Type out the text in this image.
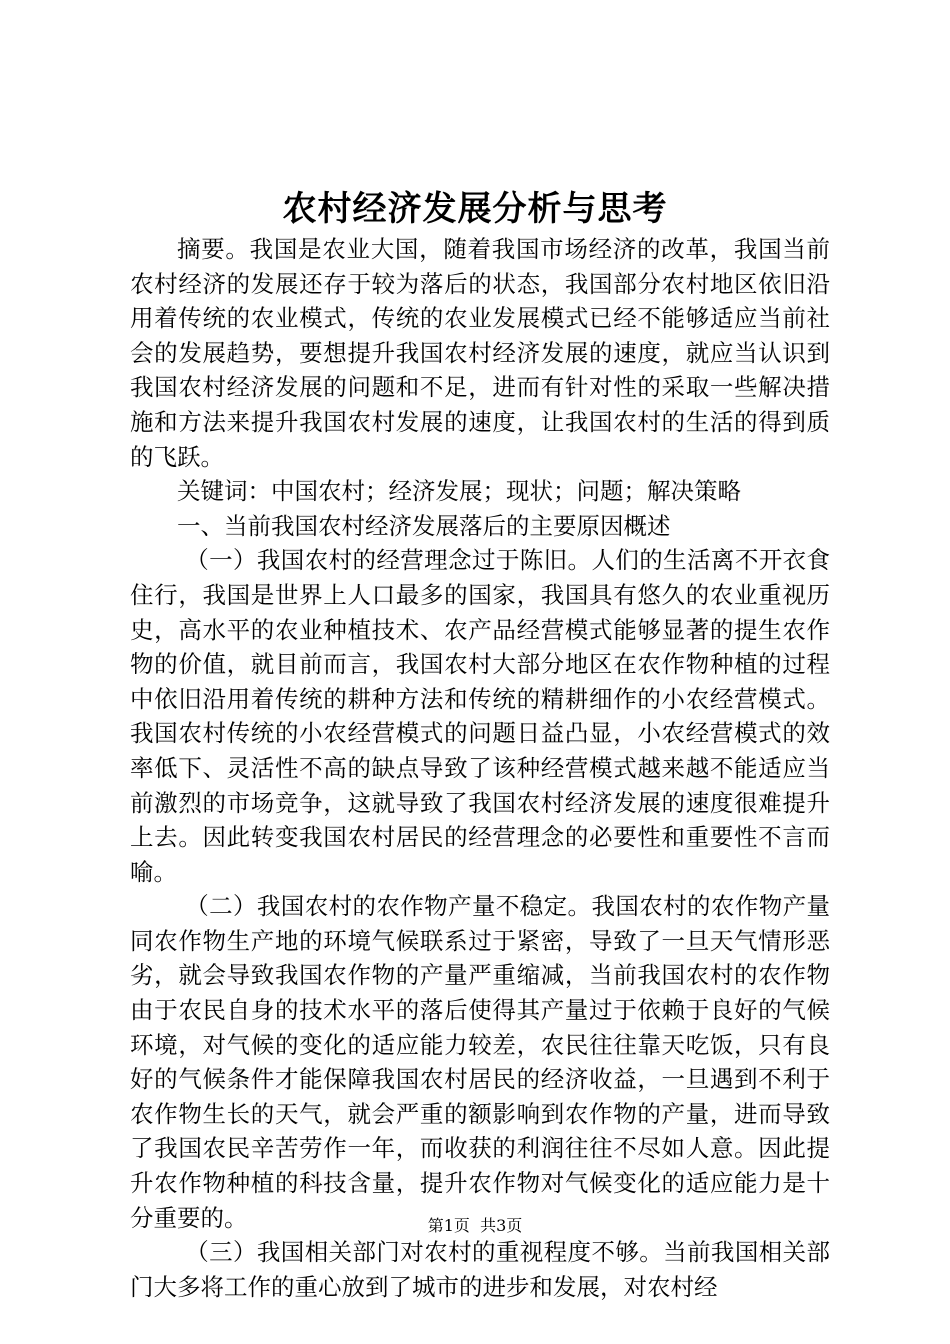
农村经济发展分析与思考

摘要。我国是农业大国，随着我国市场经济的改革，我国当前农村经济的发展还存于较为落后的状态，我国部分农村地区依旧沿用着传统的农业模式，传统的农业发展模式已经不能够适应当前社会的发展趋势，要想提升我国农村经济发展的速度，就应当认识到我国农村经济发展的问题和不足，进而有针对性的采取一些解决措施和方法来提升我国农村发展的速度，让我国农村的生活的得到质的飞跃。

关键词：中国农村；经济发展；现状；问题；解决策略

一、当前我国农村经济发展落后的主要原因概述

（一）我国农村的经营理念过于陈旧。人们的生活离不开衣食住行，我国是世界上人口最多的国家，我国具有悠久的农业重视历史，高水平的农业种植技术、农产品经营模式能够显著的提生农作物的价值，就目前而言，我国农村大部分地区在农作物种植的过程中依旧沿用着传统的耕种方法和传统的精耕细作的小农经营模式。我国农村传统的小农经营模式的问题日益凸显，小农经营模式的效率低下、灵活性不高的缺点导致了该种经营模式越来越不能适应当前激烈的市场竞争，这就导致了我国农村经济发展的速度很难提升上去。因此转变我国农村居民的经营理念的必要性和重要性不言而喻。

（二）我国农村的农作物产量不稳定。我国农村的农作物产量同农作物生产地的环境气候联系过于紧密，导致了一旦天气情形恶劣，就会导致我国农作物的产量严重缩减，当前我国农村的农作物由于农民自身的技术水平的落后使得其产量过于依赖于良好的气候环境，对气候的变化的适应能力较差，农民往往靠天吃饭，只有良好的气候条件才能保障我国农村居民的经济收益，一旦遇到不利于农作物生长的天气，就会严重的额影响到农作物的产量，进而导致了我国农民辛苦劳作一年，而收获的利润往往不尽如人意。因此提升农作物种植的科技含量，提升农作物对气候变化的适应能力是十分重要的。

（三）我国相关部门对农村的重视程度不够。当前我国相关部门大多将工作的重心放到了城市的进步和发展，对农村经

第1页 共3页
